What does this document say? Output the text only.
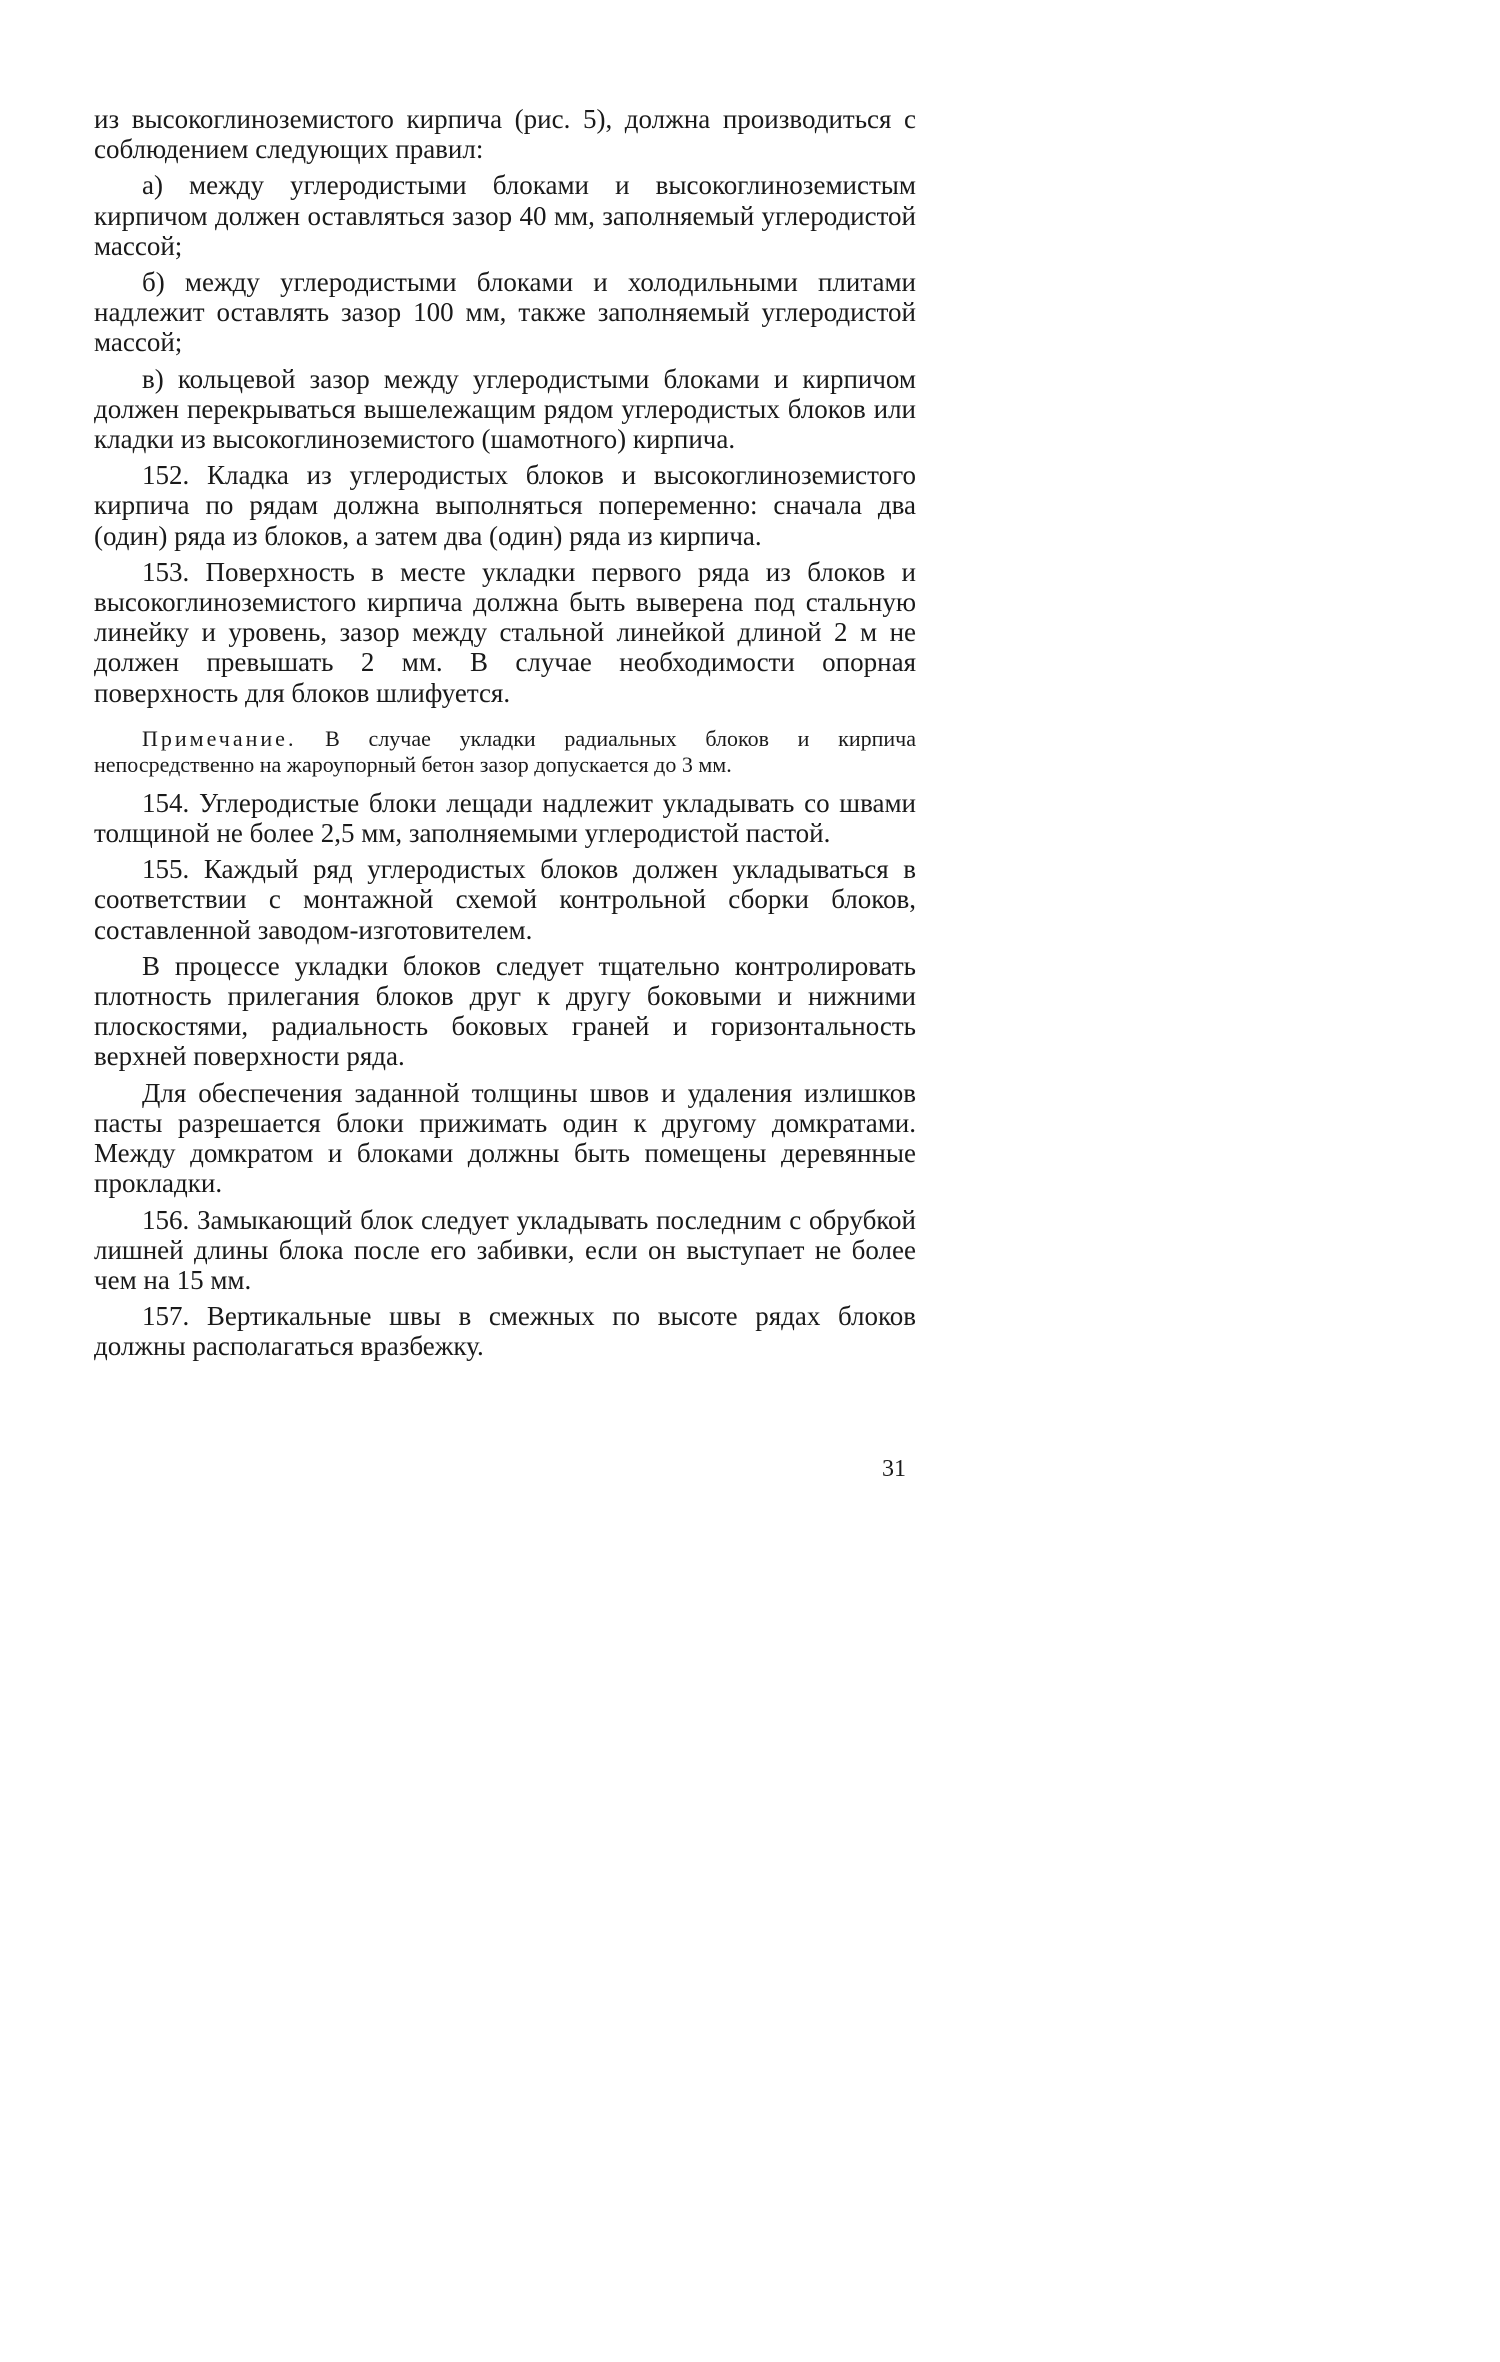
из высокоглиноземистого кирпича (рис. 5), должна производиться с соблюдением следующих правил:

а) между углеродистыми блоками и высокоглиноземистым кирпичом должен оставляться зазор 40 мм, заполняемый углеродистой массой;

б) между углеродистыми блоками и холодильными плитами надлежит оставлять зазор 100 мм, также заполняемый углеродистой массой;

в) кольцевой зазор между углеродистыми блоками и кирпичом должен перекрываться вышележащим рядом углеродистых блоков или кладки из высокоглиноземистого (шамотного) кирпича.

152. Кладка из углеродистых блоков и высокоглиноземистого кирпича по рядам должна выполняться попеременно: сначала два (один) ряда из блоков, а затем два (один) ряда из кирпича.

153. Поверхность в месте укладки первого ряда из блоков и высокоглиноземистого кирпича должна быть выверена под стальную линейку и уровень, зазор между стальной линейкой длиной 2 м не должен превышать 2 мм. В случае необходимости опорная поверхность для блоков шлифуется.

Примечание. В случае укладки радиальных блоков и кирпича непосредственно на жароупорный бетон зазор допускается до 3 мм.

154. Углеродистые блоки лещади надлежит укладывать со швами толщиной не более 2,5 мм, заполняемыми углеродистой пастой.

155. Каждый ряд углеродистых блоков должен укладываться в соответствии с монтажной схемой контрольной сборки блоков, составленной заводом-изготовителем.

В процессе укладки блоков следует тщательно контролировать плотность прилегания блоков друг к другу боковыми и нижними плоскостями, радиальность боковых граней и горизонтальность верхней поверхности ряда.

Для обеспечения заданной толщины швов и удаления излишков пасты разрешается блоки прижимать один к другому домкратами. Между домкратом и блоками должны быть помещены деревянные прокладки.

156. Замыкающий блок следует укладывать последним с обрубкой лишней длины блока после его забивки, если он выступает не более чем на 15 мм.

157. Вертикальные швы в смежных по высоте рядах блоков должны располагаться вразбежку.

31
